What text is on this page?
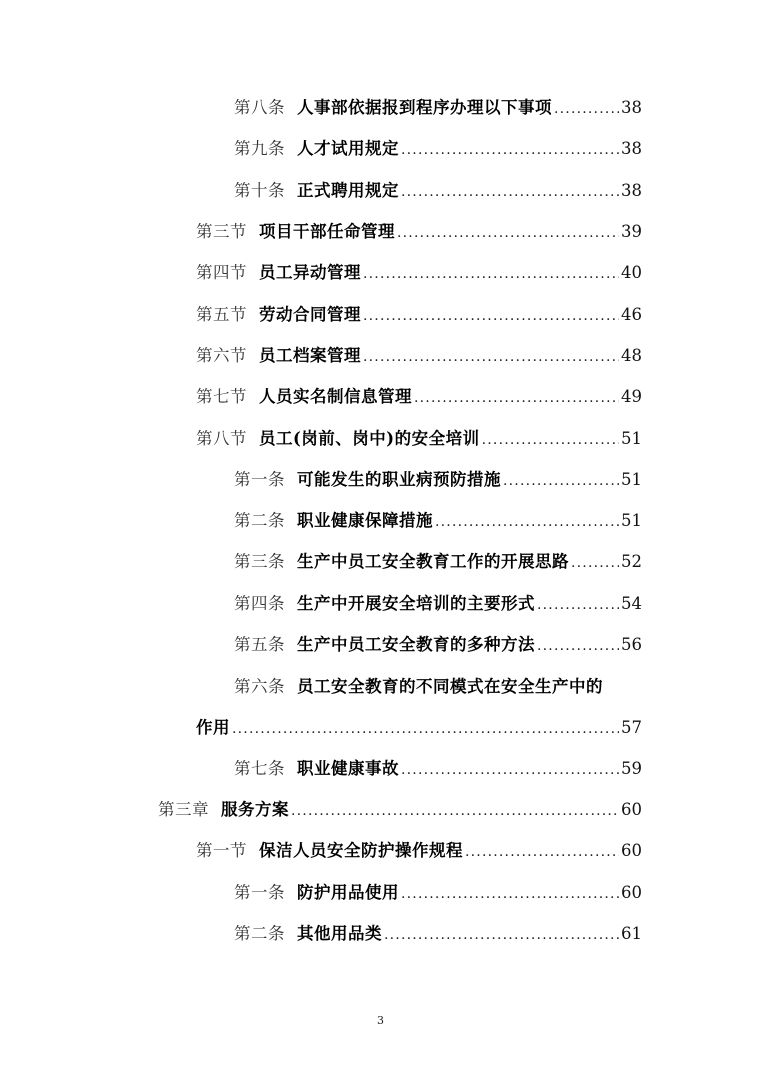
第八条 人事部依据报到程序办理以下事项 .....	38
第九条 人才试用规定 .....	38
第十条 正式聘用规定 .....	38
第三节 项目干部任命管理 .....	39
第四节 员工异动管理 .....	40
第五节 劳动合同管理 .....	46
第六节 员工档案管理 .....	48
第七节 人员实名制信息管理 .....	49
第八节 员工(岗前、岗中)的安全培训 .....	51
第一条 可能发生的职业病预防措施 .....	51
第二条 职业健康保障措施 .....	51
第三条 生产中员工安全教育工作的开展思路 .....	52
第四条 生产中开展安全培训的主要形式 .....	54
第五条 生产中员工安全教育的多种方法 .....	56
第六条 员工安全教育的不同模式在安全生产中的
作用 .....	57
第七条 职业健康事故 .....	59
第三章 服务方案 .....	60
第一节 保洁人员安全防护操作规程 .....	60
第一条 防护用品使用 .....	60
第二条 其他用品类 .....	61
3
